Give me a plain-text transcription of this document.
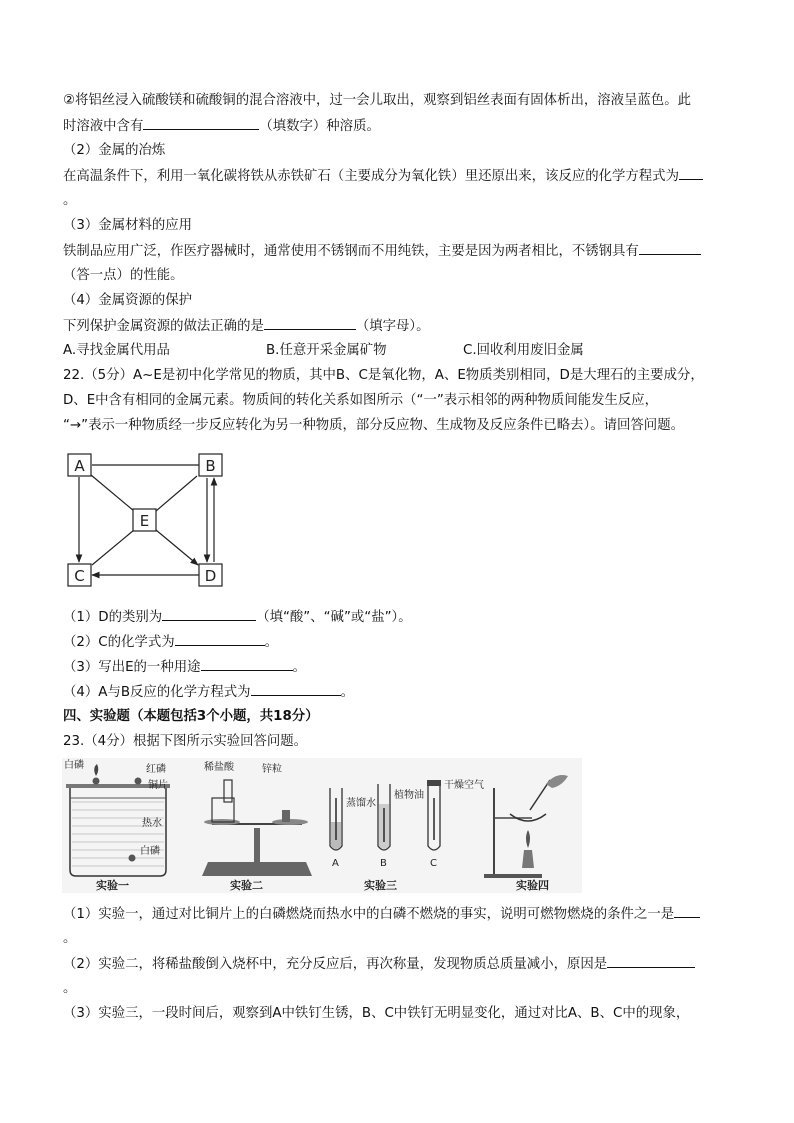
②将铝丝浸入硫酸镁和硫酸铜的混合溶液中，过一会儿取出，观察到铝丝表面有固体析出，溶液呈蓝色。此
时溶液中含有	（填数字）种溶质。
（2）金属的冶炼
在高温条件下，利用一氧化碳将铁从赤铁矿石（主要成分为氧化铁）里还原出来，该反应的化学方程式为
。
（3）金属材料的应用
铁制品应用广泛，作医疗器械时，通常使用不锈钢而不用纯铁，主要是因为两者相比，不锈钢具有
（答一点）的性能。
（4）金属资源的保护
下列保护金属资源的做法正确的是	（填字母）。
A.寻找金属代用品	B.任意开采金属矿物	C.回收利用废旧金属
22.（5分）A~E是初中化学常见的物质，其中B、C是氧化物，A、E物质类别相同，D是大理石的主要成分，
D、E中含有相同的金属元素。物质间的转化关系如图所示（“一”表示相邻的两种物质间能发生反应，
“→”表示一种物质经一步反应转化为另一种物质，部分反应物、生成物及反应条件已略去）。请回答问题。
A	B
E
C	D
（1）D的类别为	（填“酸”、“碱”或“盐”）。
（2）C的化学式为	。
（3）写出E的一种用途	。
（4）A与B反应的化学方程式为	。
四、实验题（本题包括3个小题，共18分）
23.（4分）根据下图所示实验回答问题。
白磷	红磷
铜片
热水
白磷
实验一
稀盐酸	锌粒
实验二
蒸馏水
植物油
干燥空气
A	B	C
实验三	实验四
（1）实验一，通过对比铜片上的白磷燃烧而热水中的白磷不燃烧的事实，说明可燃物燃烧的条件之一是
。
（2）实验二，将稀盐酸倒入烧杯中，充分反应后，再次称量，发现物质总质量减小，原因是
。
（3）实验三，一段时间后，观察到A中铁钉生锈，B、C中铁钉无明显变化，通过对比A、B、C中的现象，
